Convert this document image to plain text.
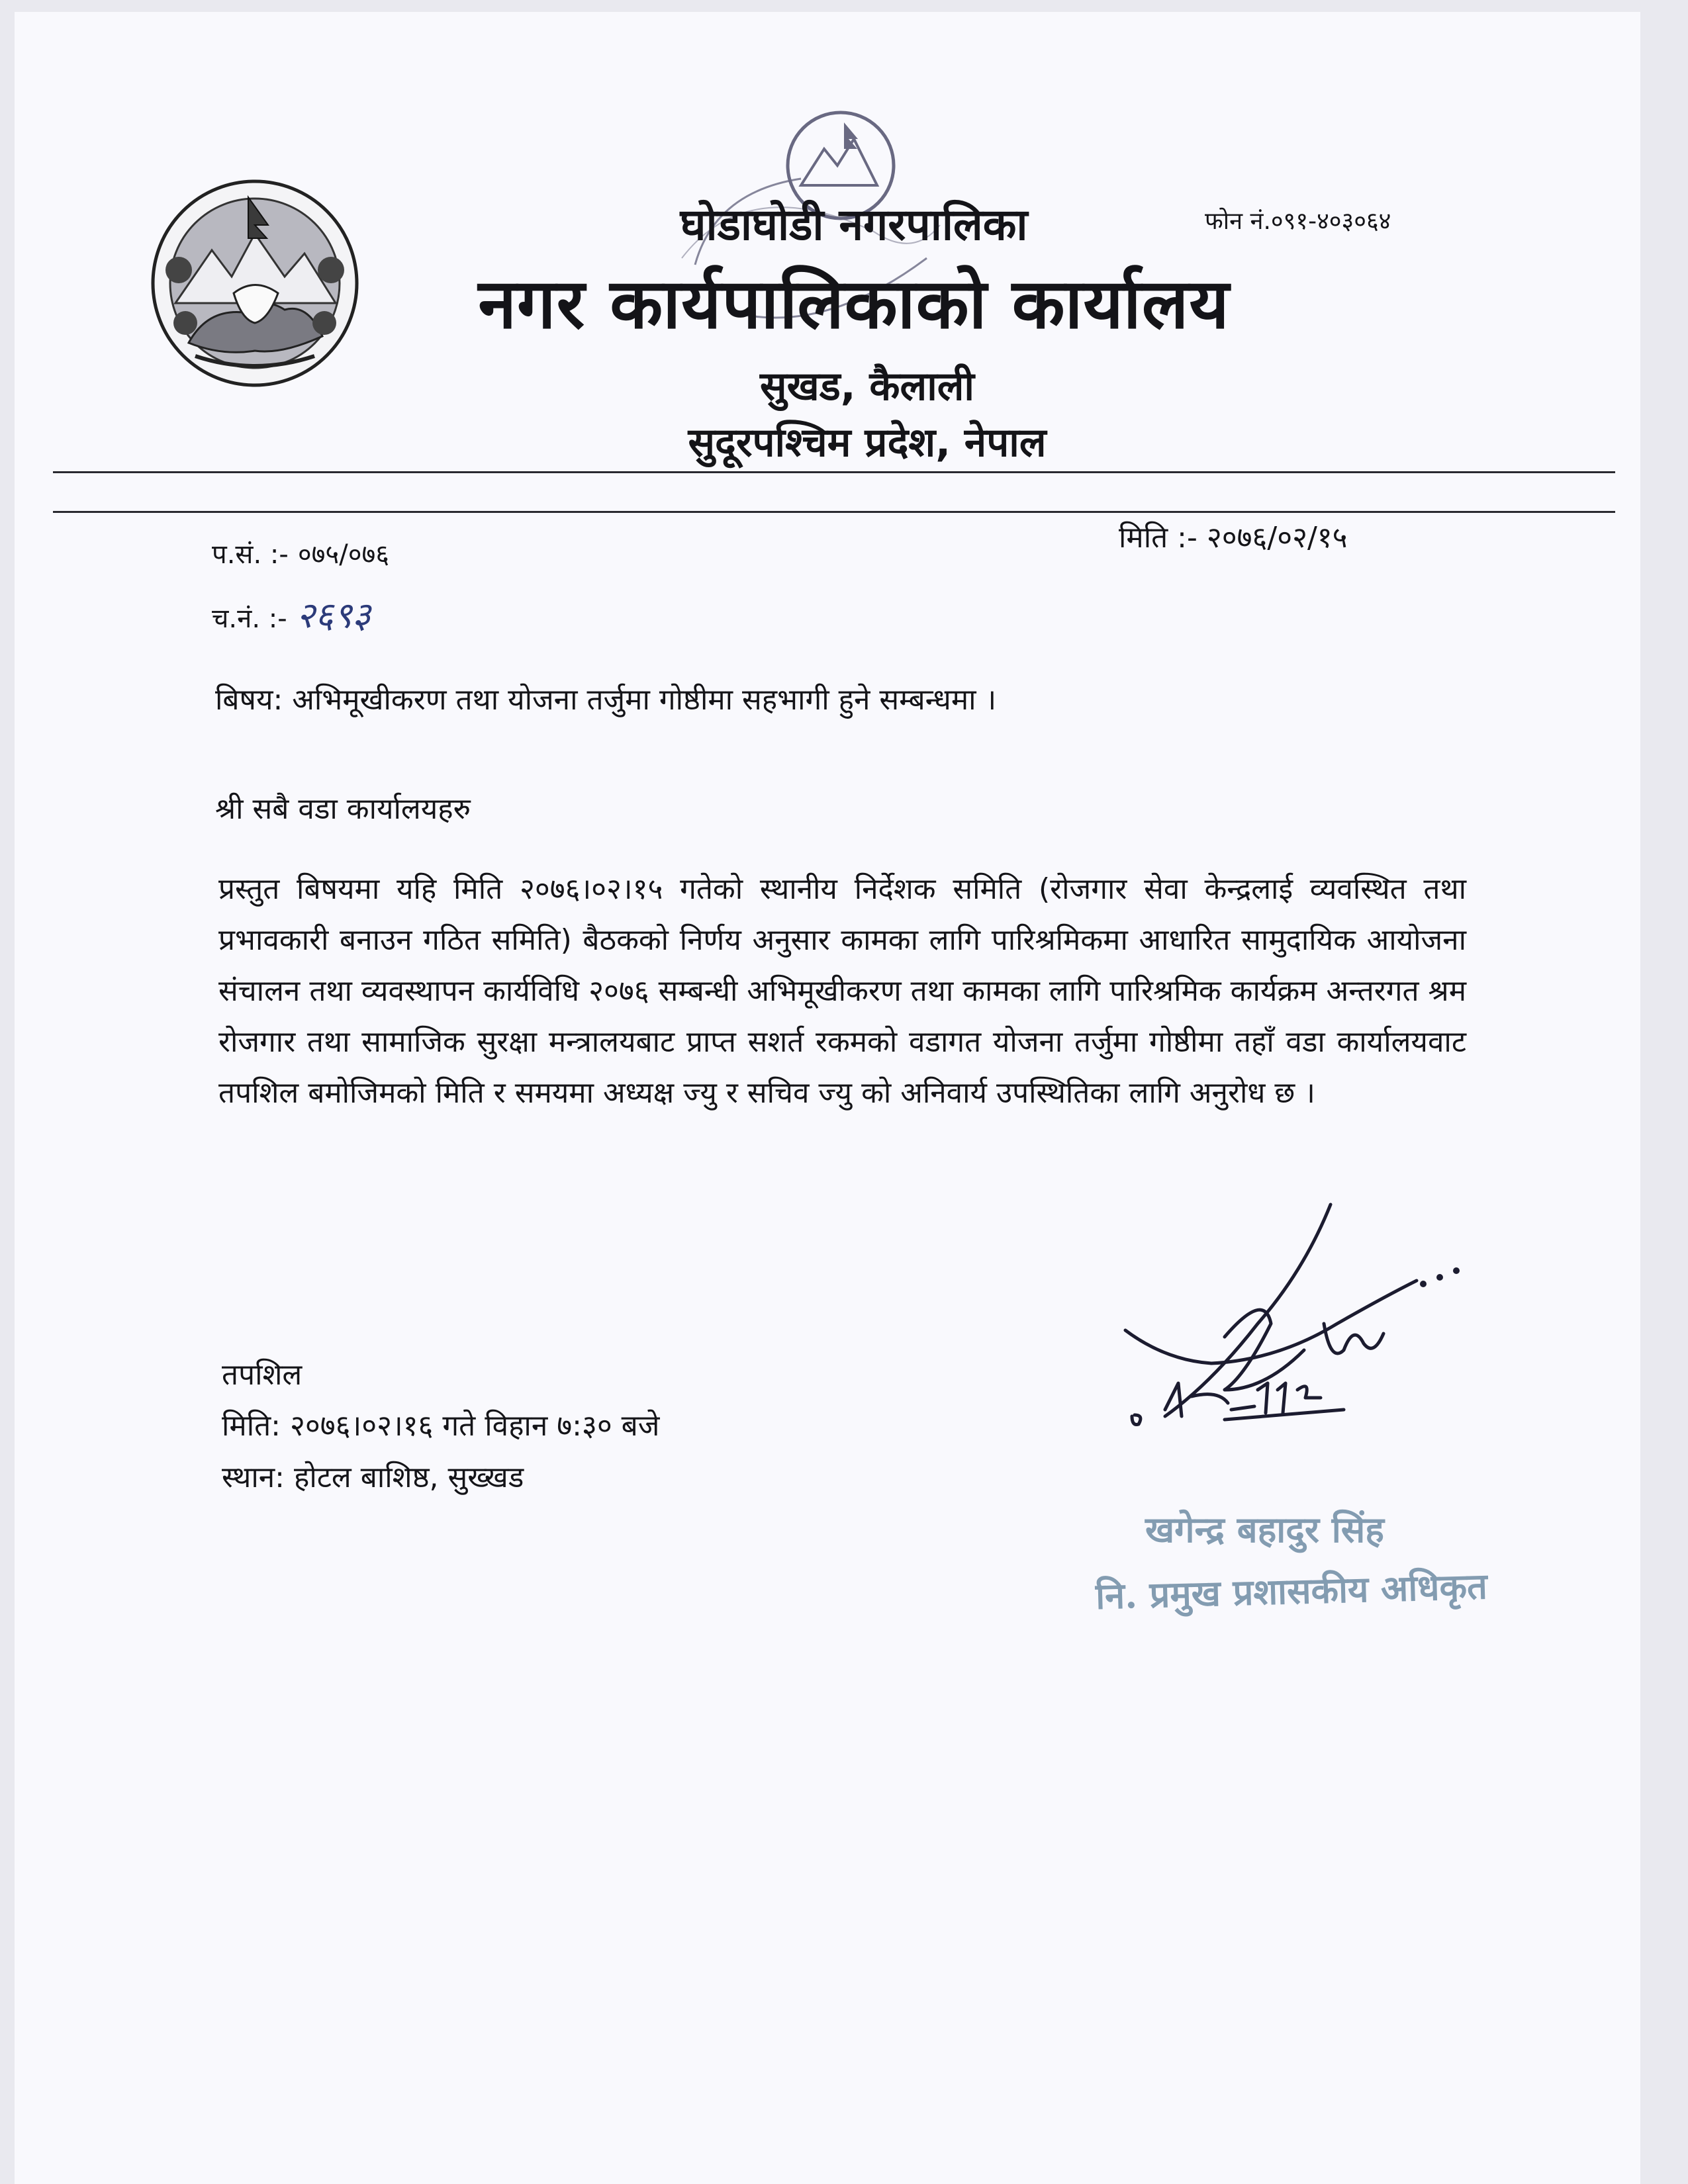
घोडाघोडी नगरपालिका	फोन नं.०९१-४०३०६४
नगर कार्यपालिकाको कार्यालय
सुखड, कैलाली
सुदूरपश्चिम प्रदेश, नेपाल
प.सं. :- ०७५/०७६
च.नं. :- २६९३
मिति :- २०७६/०२/१५
बिषय: अभिमूखीकरण तथा योजना तर्जुमा गोष्ठीमा सहभागी हुने सम्बन्धमा ।
श्री सबै वडा कार्यालयहरु

प्रस्तुत बिषयमा यहि मिति २०७६।०२।१५ गतेको स्थानीय निर्देशक समिति (रोजगार सेवा केन्द्रलाई व्यवस्थित तथा प्रभावकारी बनाउन गठित समिति) बैठकको निर्णय अनुसार कामका लागि पारिश्रमिकमा आधारित सामुदायिक आयोजना संचालन तथा व्यवस्थापन कार्यविधि २०७६ सम्बन्धी अभिमूखीकरण तथा कामका लागि पारिश्रमिक कार्यक्रम अन्तरगत श्रम रोजगार तथा सामाजिक सुरक्षा मन्त्रालयबाट प्राप्त सशर्त रकमको वडागत योजना तर्जुमा गोष्ठीमा तहाँ वडा कार्यालयवाट तपशिल बमोजिमको मिति र समयमा अध्यक्ष ज्यु र सचिव ज्यु को अनिवार्य उपस्थितिका लागि अनुरोध छ ।

तपशिल
मिति: २०७६।०२।१६ गते विहान ७:३० बजे
स्थान: होटल बाशिष्ठ, सुख्खड
खगेन्द्र बहादुर सिंह
नि. प्रमुख प्रशासकीय अधिकृत
